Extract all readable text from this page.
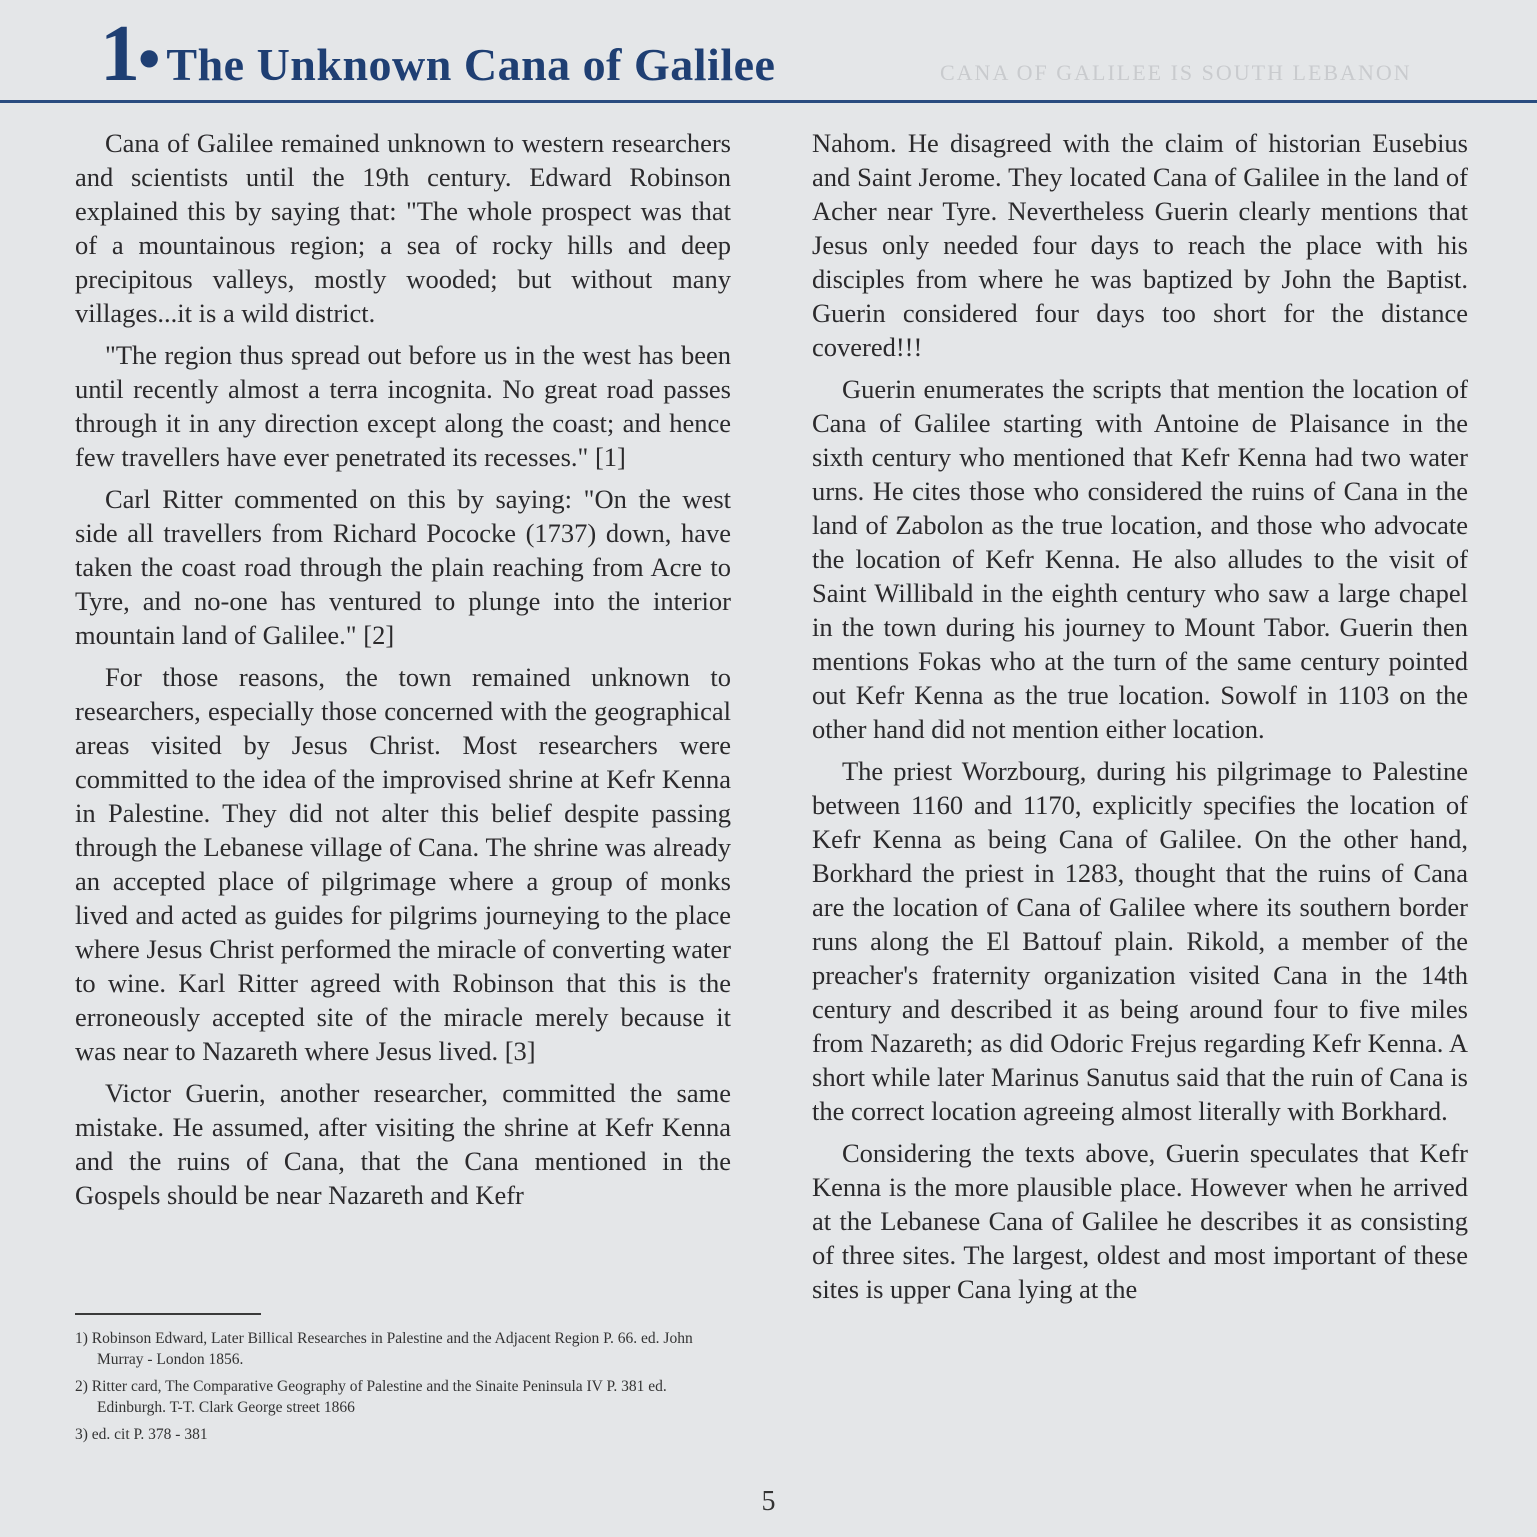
1
• The Unknown Cana of Galilee	CANA OF GALILEE IS SOUTH LEBANON

Cana of Galilee remained unknown to western researchers and scientists until the 19th century. Edward Robinson explained this by saying that: "The whole prospect was that of a mountainous region; a sea of rocky hills and deep precipitous valleys, mostly wooded; but without many villages...it is a wild district.

"The region thus spread out before us in the west has been until recently almost a terra incognita. No great road passes through it in any direction except along the coast; and hence few travellers have ever penetrated its recesses." [1]

Carl Ritter commented on this by saying: "On the west side all travellers from Richard Pococke (1737) down, have taken the coast road through the plain reaching from Acre to Tyre, and no-one has ventured to plunge into the interior mountain land of Galilee." [2]

For those reasons, the town remained unknown to researchers, especially those concerned with the geographical areas visited by Jesus Christ. Most researchers were committed to the idea of the improvised shrine at Kefr Kenna in Palestine. They did not alter this belief despite passing through the Lebanese village of Cana. The shrine was already an accepted place of pilgrimage where a group of monks lived and acted as guides for pilgrims journeying to the place where Jesus Christ performed the miracle of converting water to wine. Karl Ritter agreed with Robinson that this is the erroneously accepted site of the miracle merely because it was near to Nazareth where Jesus lived. [3]

Victor Guerin, another researcher, committed the same mistake. He assumed, after visiting the shrine at Kefr Kenna and the ruins of Cana, that the Cana mentioned in the Gospels should be near Nazareth and Kefr

Nahom. He disagreed with the claim of historian Eusebius and Saint Jerome. They located Cana of Galilee in the land of Acher near Tyre. Nevertheless Guerin clearly mentions that Jesus only needed four days to reach the place with his disciples from where he was baptized by John the Baptist. Guerin considered four days too short for the distance covered!!!

Guerin enumerates the scripts that mention the location of Cana of Galilee starting with Antoine de Plaisance in the sixth century who mentioned that Kefr Kenna had two water urns. He cites those who considered the ruins of Cana in the land of Zabolon as the true location, and those who advocate the location of Kefr Kenna. He also alludes to the visit of Saint Willibald in the eighth century who saw a large chapel in the town during his journey to Mount Tabor. Guerin then mentions Fokas who at the turn of the same century pointed out Kefr Kenna as the true location. Sowolf in 1103 on the other hand did not mention either location.

The priest Worzbourg, during his pilgrimage to Palestine between 1160 and 1170, explicitly specifies the location of Kefr Kenna as being Cana of Galilee. On the other hand, Borkhard the priest in 1283, thought that the ruins of Cana are the location of Cana of Galilee where its southern border runs along the El Battouf plain. Rikold, a member of the preacher's fraternity organization visited Cana in the 14th century and described it as being around four to five miles from Nazareth; as did Odoric Frejus regarding Kefr Kenna. A short while later Marinus Sanutus said that the ruin of Cana is the correct location agreeing almost literally with Borkhard.

Considering the texts above, Guerin speculates that Kefr Kenna is the more plausible place. However when he arrived at the Lebanese Cana of Galilee he describes it as consisting of three sites. The largest, oldest and most important of these sites is upper Cana lying at the

1) Robinson Edward, Later Billical Researches in Palestine and the Adjacent Region P. 66. ed. John Murray - London 1856.

2) Ritter card, The Comparative Geography of Palestine and the Sinaite Peninsula IV P. 381 ed. Edinburgh. T-T. Clark George street 1866

3) ed. cit P. 378 - 381

5
